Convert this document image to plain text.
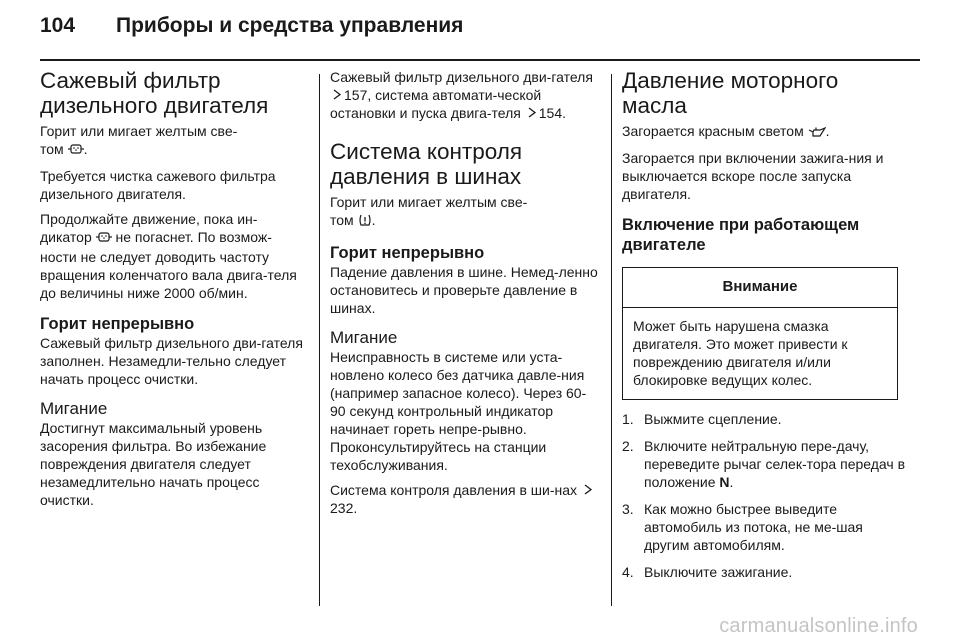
104	Приборы и средства управления
Сажевый фильтр
дизельного двигателя

Горит или мигает желтым све-
том .

Требуется чистка сажевого фильтра дизельного двигателя.

Продолжайте движение, пока ин-дикатор не погаснет. По возмож-ности не следует доводить частоту вращения коленчатого вала двига-теля до величины ниже 2000 об/мин.

Горит непрерывно

Сажевый фильтр дизельного дви-гателя заполнен. Незамедли-тельно следует начать процесс очистки.

Мигание

Достигнут максимальный уровень засорения фильтра. Во избежание повреждения двигателя следует незамедлительно начать процесс очистки.

Сажевый фильтр дизельного дви-гателя 157, система автомати-ческой остановки и пуска двига-теля 154.

Система контроля
давления в шинах

Горит или мигает желтым све-
том .

Горит непрерывно

Падение давления в шине. Немед-ленно остановитесь и проверьте давление в шинах.

Мигание

Неисправность в системе или уста-новлено колесо без датчика давле-ния (например запасное колесо). Через 60-90 секунд контрольный индикатор начинает гореть непре-рывно. Проконсультируйтесь на станции техобслуживания.

Система контроля давления в ши-нах 232.

Давление моторного
масла

Загорается красным светом .

Загорается при включении зажига-ния и выключается вскоре после запуска двигателя.

Включение при работающем двигателе
Внимание
Может быть нарушена смазка двигателя. Это может привести к повреждению двигателя и/или блокировке ведущих колес.
1. Выжмите сцепление.
2. Включите нейтральную пере-дачу, переведите рычаг селек-тора передач в положение N.
3. Как можно быстрее выведите автомобиль из потока, не ме-шая другим автомобилям.
4. Выключите зажигание.
carmanualsonline.info
